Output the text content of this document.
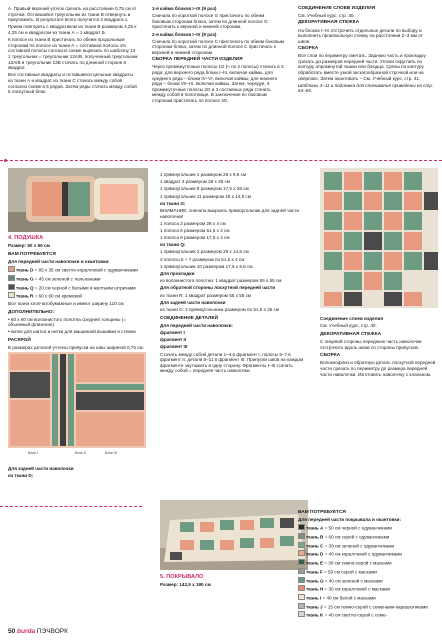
A. Правый верхний уголок срезать на расстоянии 0,75 см от строчки. Оставшийся треугольник из ткани B отвернуть и приутюжить. В результате всего получится 2 квадрата з.

Прием повторить с квадратиком из ткани В размером 4,25 х 4,25 см и квадратом из ткани А = 1 квадрат Б.

К полосе из ткани В пристачать по обеим продольным сторонам по полосе из ткани А = составная полоса. Из составной полосы согласно схеме вырезать по шаблону 13 1 треугольник = треугольник 13А/В, полученный треугольник 13А/В и треугольник 13В стачать по длинной стороне в квадрат.

Все составные квадраты и оставшиеся цельные квадраты из ткани А и квадрат из ткани С стачать между собой согласно схеме в 5 рядов. Затем ряды стачать между собой в лоскутный блок.

1-я кайма блоков I–IX (9 раз)

Сначала по короткой полосе G пристачать по обеим боковым сторонам блока, затем по длинной полосе G пристачать к верхней и нижней сторонам.

2-я кайма блоков I–IX (9 раз)

Сначала по короткой полосе C пристачать по обеим боковым сторонам блока, затем по длинной полосе C пристачать к верхней и нижней сторонам.

СБОРКА ПЕРЕДНЕЙ ЧАСТИ ИЗДЕЛИЯ

Через промежуточные полосы 1G (≈ по 2 полосы) стачать в 3 ряда: для верхнего ряда блоки I–III, включая каймы, для среднего ряда – блоки IV–VI, включая каймы; для нижнего ряда – блоки VII–IX, включая каймы. Затем, чередуя, 4 промежуточные полосы 2G и 3 составных ряда стачать между собой в полотнище. В заключение по боковым сторонам пристачать по полосе 3G.

СОЕДИНЕНИЕ СЛОЕВ ИЗДЕЛИЯ

См. Учебный курс, стр. 40.

ДЕКОРАТИВНАЯ СТЕЖКА

На блоках I–IX отстрочить отдельные детали по выбору и выполнить произвольную стежку на расстоянии 2–3 мм от швов.

СБОРКА

Все слои по периметру сметать. Заднюю часть и прокладку срезать до размеров передней части. Уголки скруглить по контуру опрокинутой чашки или блюдца. Срезы по контуру обработать вместе узкой зигзагообразной строчкой или на оверлоке. Затем окантовать – См. Учебный курс, стр. 41.

Шаблоны 4–11 и подложка для стачивания приведены на стр. 64–65.

4. ПОДУШКА

Размер: 50 x 50 см

ВАМ ПОТРЕБУЕТСЯ

Для передней части наволочки и окантовки:

ткань D = 85 x 35 см светло-коралловой с одуванчиками

ткань G = 45 см зеленой с тюльпанами

ткань Q = 20 см черной с белыми и желтыми штрихами

ткань R = 60 x 60 см кремовой

Все ткани хлопчатобумажные и имеют ширину 110 см.

ДОПОЛНИТЕЛЬНО:

• 60 x 60 см волокнистого полотна средней толщины (= объемный флизелин)

• нитки для шитья и нитки для машинной вышивки и стежки

РАСКРОЙ

В размерах деталей учтены припуски на швы шириной 0,75 см.

Блок I	Блок II	Блок III

Для задней части наволочки

из ткани D:

1 прямоугольник 1 размером 28 x 9,5 см

1 квадрат 4 размером 28 x 28 см

1 прямоугольник 8 размером 17,5 x 28 см

1 прямоугольник 11 размером 18 x 14,5 см

из ткани G:

ВНИМАНИЕ: сначала выкроить прямоугольник для задней части наволочки!

1 полоса 3 размером 28 x 4 см

1 полоса 6 размером 51,5 x 4 см

1 полоса 9 размером 17,5 x 4 см

из ткани Q:

1 прямоугольник 2 размером 28 x 14,5 см

2 полосы 5 + 7 размером по 51,5 x 4 см

1 прямоугольник 10 размером 17,5 x 9,5 см

Для прокладки

из волокнистого полотна: 1 квадрат размером 55 x 55 см

Для обратной стороны лоскутной передней части

из ткани R: 1 квадрат размером 55 x 55 см

Для задней части наволочки

из ткани G: 2 прямоугольника размером по 51,5 x 35 см

СОЕДИНЕНИЕ ДЕТАЛЕЙ

Для передней части наволочки:

фрагмент I

фрагмент II

фрагмент III

Стачать между собой детали 1–4 в фрагмент I, полосы 5–7 в фрагмент II, детали 8–11 в фрагмент III. Припуски швов на каждом фрагменте заутюжить в одну сторону. Фрагменты I–III стачать между собой = передняя часть наволочки.

Соединение слоев изделия

См. Учебный курс, стр. 40.

ДЕКОРАТИВНАЯ СТЕЖКА

С лицевой стороны переднюю часть наволочки отстрочить вдоль швов со стороны припусков.

СБОРКА

Волокнофлиз и обратную деталь лоскутной передней части срезать по периметру до размера передней части наволочки. Изготовить наволочку с клапаном.

5. ПОКРЫВАЛО

Размер: 142,5 x 190 см

ВАМ ПОТРЕБУЕТСЯ

Для передней части покрывала и окантовки:

ткань A = 50 см черной с одуванчиками

ткань B = 60 см серой с одуванчиками

ткань C = 30 см зеленой с одуванчиками

ткань D = 40 см коралловой с одуванчиками

ткань E = 30 см темно-серой с масками

ткань F = 50 см серой с масками

ткань G = 40 см зеленой с масками

ткань H = 30 см коралловой с масками

ткань I = 40 см белой с масками

ткань J = 15 см темно-серой с семенами-парашютиками

ткань K = 40 см светло-серой с семе-

50 burda ПЭЧВОРК
